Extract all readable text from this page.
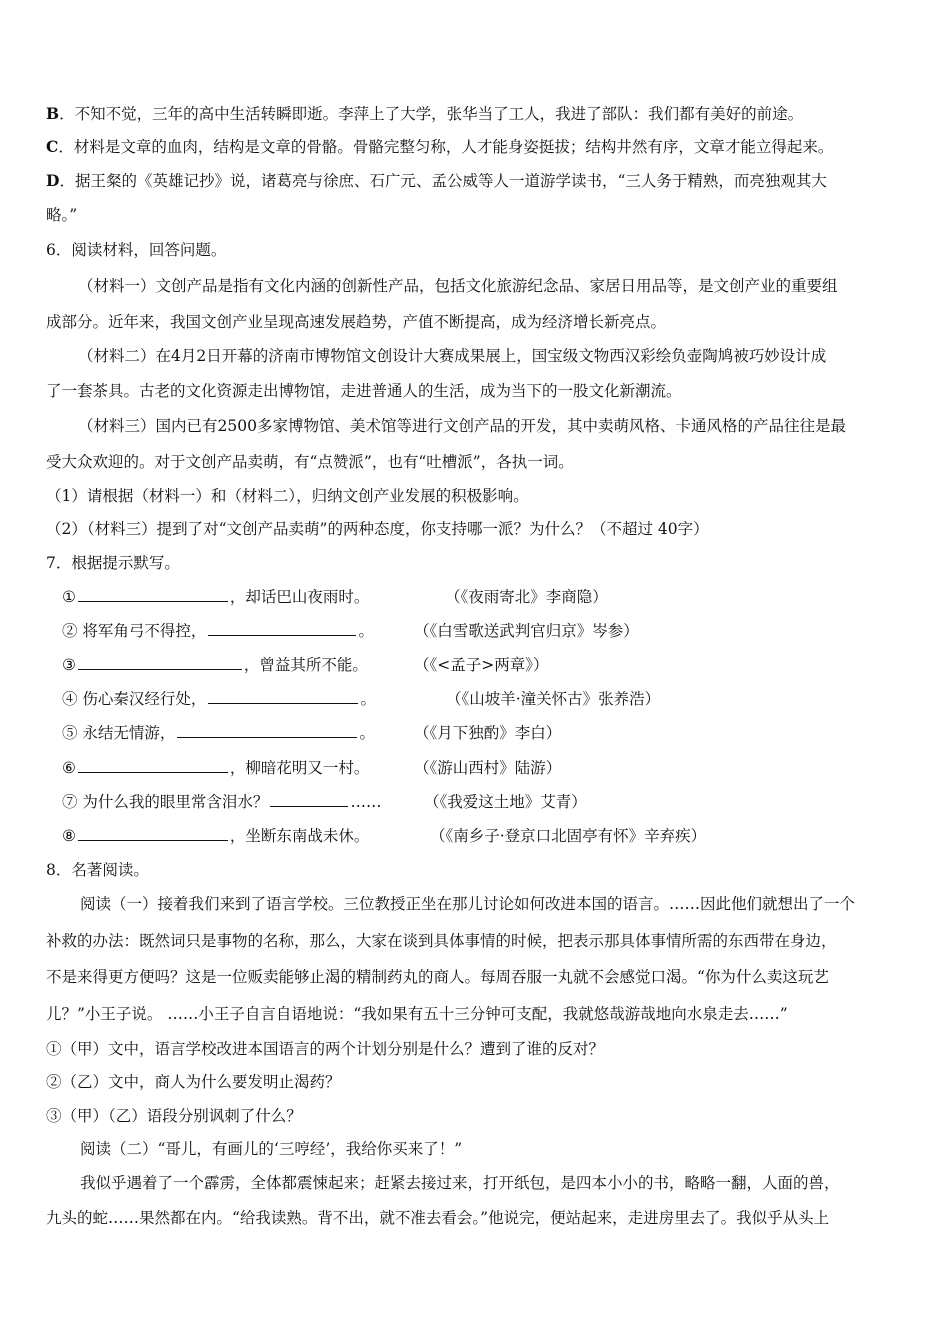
B．不知不觉，三年的高中生活转瞬即逝。李萍上了大学，张华当了工人，我进了部队：我们都有美好的前途。
C．材料是文章的血肉，结构是文章的骨骼。骨骼完整匀称，人才能身姿挺拔；结构井然有序，文章才能立得起来。
D．据王粲的《英雄记抄》说，诸葛亮与徐庶、石广元、孟公威等人一道游学读书，“三人务于精熟，而亮独观其大
略。”
6．阅读材料，回答问题。
（材料一）文创产品是指有文化内涵的创新性产品，包括文化旅游纪念品、家居日用品等，是文创产业的重要组
成部分。近年来，我国文创产业呈现高速发展趋势，产值不断提高，成为经济增长新亮点。
（材料二）在4月2日开幕的济南市博物馆文创设计大赛成果展上，国宝级文物西汉彩绘负壶陶鸠被巧妙设计成
了一套茶具。古老的文化资源走出博物馆，走进普通人的生活，成为当下的一股文化新潮流。
（材料三）国内已有2500多家博物馆、美术馆等进行文创产品的开发，其中卖萌风格、卡通风格的产品往往是最
受大众欢迎的。对于文创产品卖萌，有“点赞派”，也有“吐槽派”，各执一词。
（1）请根据（材料一）和（材料二），归纳文创产业发展的积极影响。
（2）（材料三）提到了对“文创产品卖萌”的两种态度，你支持哪一派？为什么？（不超过 40字）
7．根据提示默写。
①	，却话巴山夜雨时。	（《夜雨寄北》李商隐）
② 将军角弓不得控，	。	（《白雪歌送武判官归京》岑参）
③	，曾益其所不能。	（《<孟子>两章》）
④ 伤心秦汉经行处，	。	（《山坡羊·潼关怀古》张养浩）
⑤ 永结无情游，	。	（《月下独酌》李白）
⑥	，柳暗花明又一村。	（《游山西村》陆游）
⑦ 为什么我的眼里常含泪水？	……	（《我爱这土地》艾青）
⑧	，坐断东南战未休。	（《南乡子·登京口北固亭有怀》辛弃疾）
8．名著阅读。
阅读（一）接着我们来到了语言学校。三位教授正坐在那儿讨论如何改进本国的语言。……因此他们就想出了一个
补救的办法：既然词只是事物的名称，那么，大家在谈到具体事情的时候，把表示那具体事情所需的东西带在身边，
不是来得更方便吗？这是一位贩卖能够止渴的精制药丸的商人。每周吞服一丸就不会感觉口渴。“你为什么卖这玩艺
儿？”小王子说。 ……小王子自言自语地说：“我如果有五十三分钟可支配，我就悠哉游哉地向水泉走去……”
①（甲）文中，语言学校改进本国语言的两个计划分别是什么？遭到了谁的反对？
②（乙）文中，商人为什么要发明止渴药？
③（甲）（乙）语段分别讽刺了什么？
阅读（二）“哥儿，有画儿的‘三哼经’，我给你买来了！”
我似乎遇着了一个霹雳，全体都震悚起来；赶紧去接过来，打开纸包，是四本小小的书，略略一翻，人面的兽，
九头的蛇……果然都在内。“给我读熟。背不出，就不准去看会。”他说完，便站起来，走进房里去了。我似乎从头上
